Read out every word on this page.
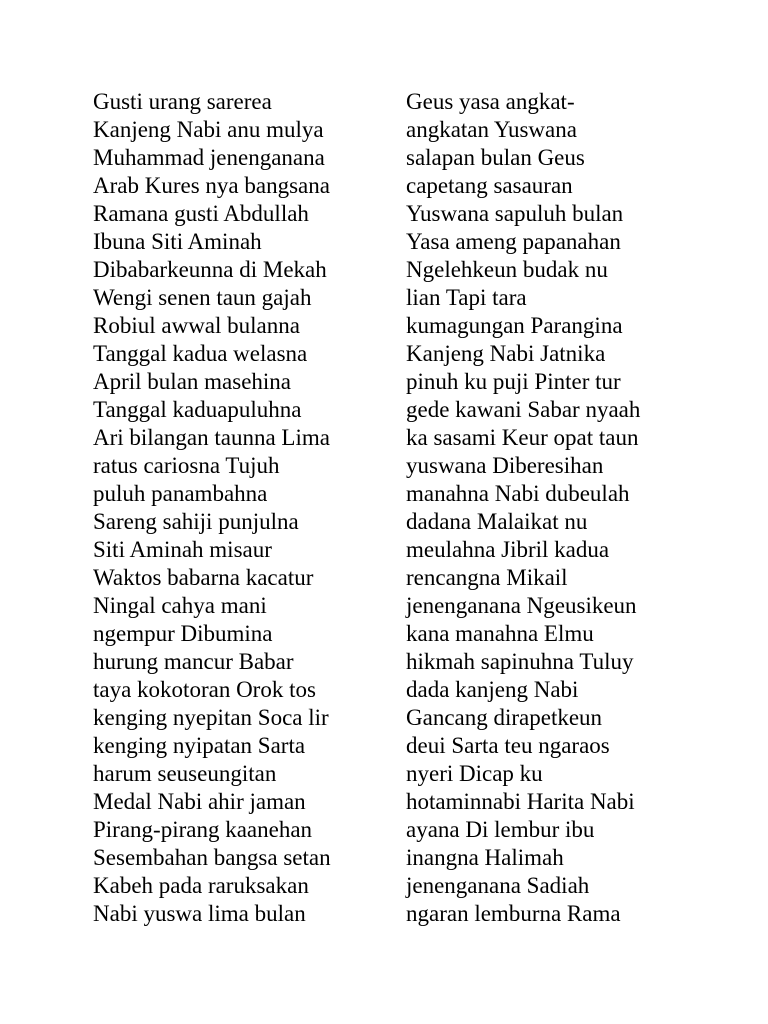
Gusti urang sarerea
Kanjeng Nabi anu mulya
Muhammad jenenganana
Arab Kures nya bangsana
Ramana gusti Abdullah
Ibuna Siti Aminah
Dibabarkeunna di Mekah
Wengi senen taun gajah
Robiul awwal bulanna
Tanggal kadua welasna
April bulan masehina
Tanggal kaduapuluhna
Ari bilangan taunna Lima
ratus cariosna Tujuh
puluh panambahna
Sareng sahiji punjulna
Siti Aminah misaur
Waktos babarna kacatur
Ningal cahya mani
ngempur Dibumina
hurung mancur Babar
taya kokotoran Orok tos
kenging nyepitan Soca lir
kenging nyipatan Sarta
harum seuseungitan
Medal Nabi ahir jaman
Pirang-pirang kaanehan
Sesembahan bangsa setan
Kabeh pada raruksakan
Nabi yuswa lima bulan
Geus yasa angkat-
angkatan Yuswana
salapan bulan Geus
capetang sasauran
Yuswana sapuluh bulan
Yasa ameng papanahan
Ngelehkeun budak nu
lian Tapi tara
kumagungan Parangina
Kanjeng Nabi Jatnika
pinuh ku puji Pinter tur
gede kawani Sabar nyaah
ka sasami Keur opat taun
yuswana Diberesihan
manahna Nabi dubeulah
dadana Malaikat nu
meulahna Jibril kadua
rencangna Mikail
jenenganana Ngeusikeun
kana manahna Elmu
hikmah sapinuhna Tuluy
dada kanjeng Nabi
Gancang dirapetkeun
deui Sarta teu ngaraos
nyeri Dicap ku
hotaminnabi Harita Nabi
ayana Di lembur ibu
inangna Halimah
jenenganana Sadiah
ngaran lemburna Rama
